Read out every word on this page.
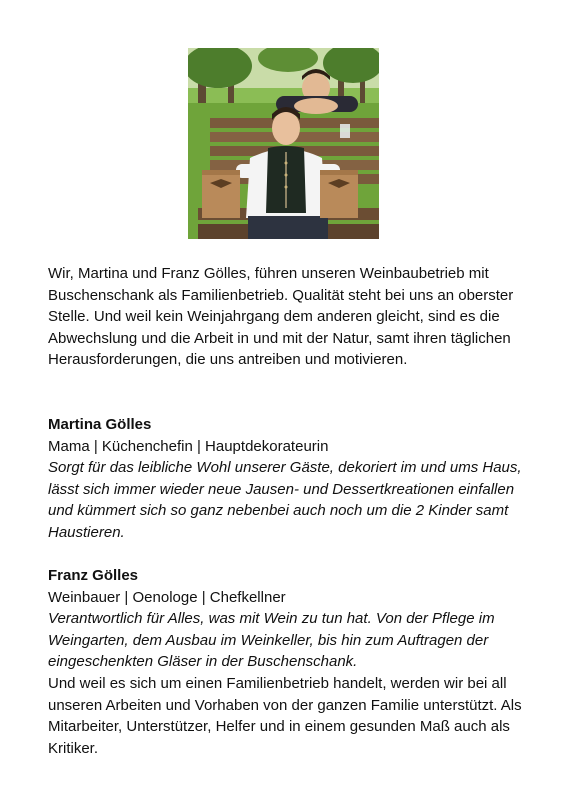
Wir, Martina und Franz Gölles, führen unseren Weinbaubetrieb mit Buschenschank als Familienbetrieb. Qualität steht bei uns an oberster Stelle. Und weil kein Weinjahrgang dem anderen gleicht, sind es die Abwechslung und die Arbeit in und mit der Natur, samt ihren täglichen Herausforderungen, die uns antreiben und motivieren.

Martina Gölles

Mama | Küchenchefin | Hauptdekorateurin

Sorgt für das leibliche Wohl unserer Gäste, dekoriert im und ums Haus, lässt sich immer wieder neue Jausen- und Dessertkreationen einfallen und kümmert sich so ganz nebenbei auch noch um die 2 Kinder samt Haustieren.

Franz Gölles

Weinbauer | Oenologe | Chefkellner

Verantwortlich für Alles, was mit Wein zu tun hat. Von der Pflege im Weingarten, dem Ausbau im Weinkeller, bis hin zum Auftragen der eingeschenkten Gläser in der Buschenschank.

Und weil es sich um einen Familienbetrieb handelt, werden wir bei all unseren Arbeiten und Vorhaben von der ganzen Familie unterstützt. Als Mitarbeiter, Unterstützer, Helfer und in einem gesunden Maß auch als Kritiker.
